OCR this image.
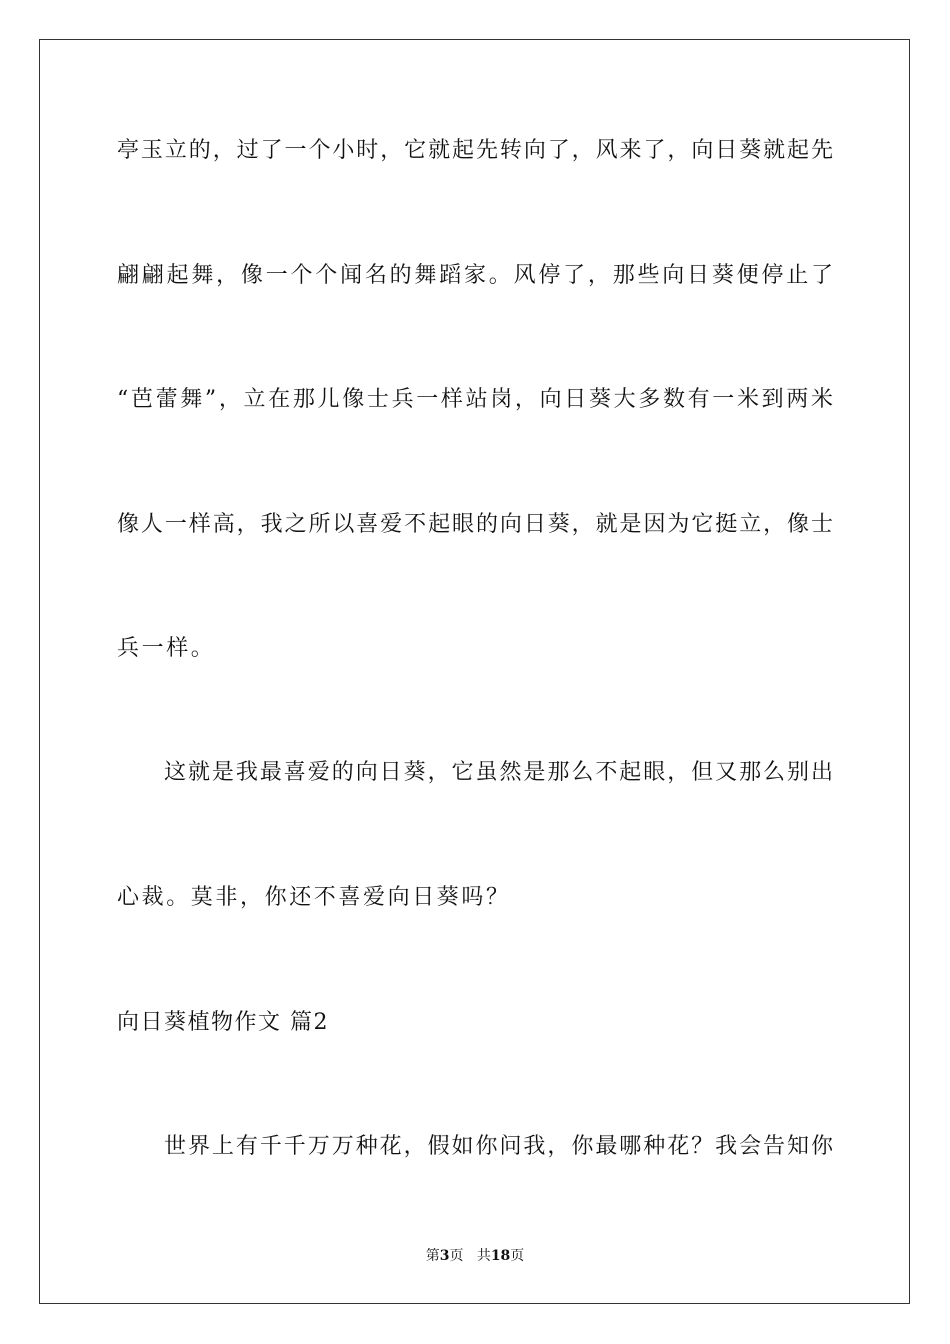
亭玉立的，过了一个小时，它就起先转向了，风来了，向日葵就起先
翩翩起舞，像一个个闻名的舞蹈家。风停了，那些向日葵便停止了
“芭蕾舞”，立在那儿像士兵一样站岗，向日葵大多数有一米到两米
像人一样高，我之所以喜爱不起眼的向日葵，就是因为它挺立，像士
兵一样。
这就是我最喜爱的向日葵，它虽然是那么不起眼，但又那么别出
心裁。莫非，你还不喜爱向日葵吗？
向日葵植物作文 篇2
世界上有千千万万种花，假如你问我，你最哪种花？我会告知你
第3页 共18页
